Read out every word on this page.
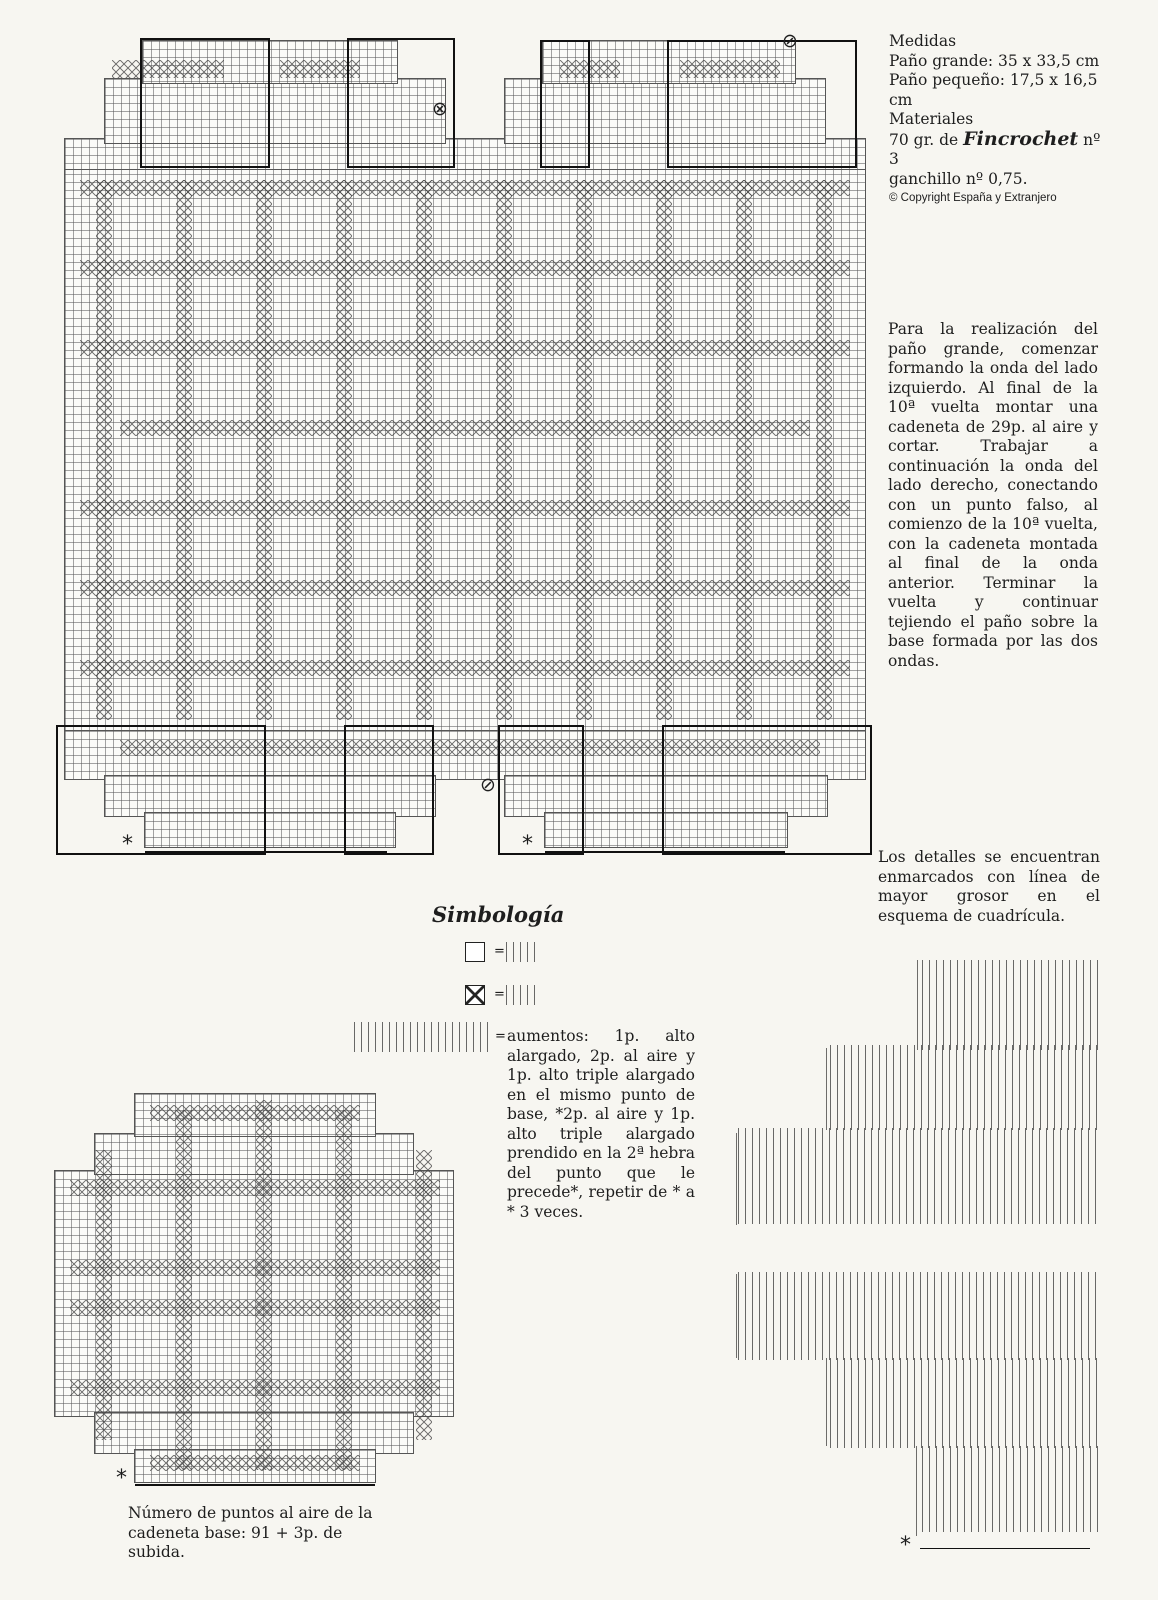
*	*
⊘
⊗
⊘
Medidas
Paño grande: 35 x 33,5 cm
Paño pequeño: 17,5 x 16,5 cm
Materiales
70 gr. de Fincrochet nº 3
ganchillo nº 0,75.
© Copyright España y Extranjero
Para la realización del paño grande, comenzar formando la onda del lado izquierdo. Al final de la 10ª vuelta montar una cadeneta de 29p. al aire y cortar. Trabajar a continuación la onda del lado derecho, conectando con un punto falso, al comienzo de la 10ª vuelta, con la cadeneta montada al final de la onda anterior. Terminar la vuelta y continuar tejiendo el paño sobre la base formada por las dos ondas.
Los detalles se encuentran enmarcados con línea de mayor grosor en el esquema de cuadrícula.
Simbología
=
=
= aumentos: 1p. alto alargado, 2p. al aire y 1p. alto triple alargado en el mismo punto de base, *2p. al aire y 1p. alto triple alargado prendido en la 2ª hebra del punto que le precede*, repetir de * a * 3 veces.
*
Número de puntos al aire de la cadeneta base: 91 + 3p. de subida.	*
